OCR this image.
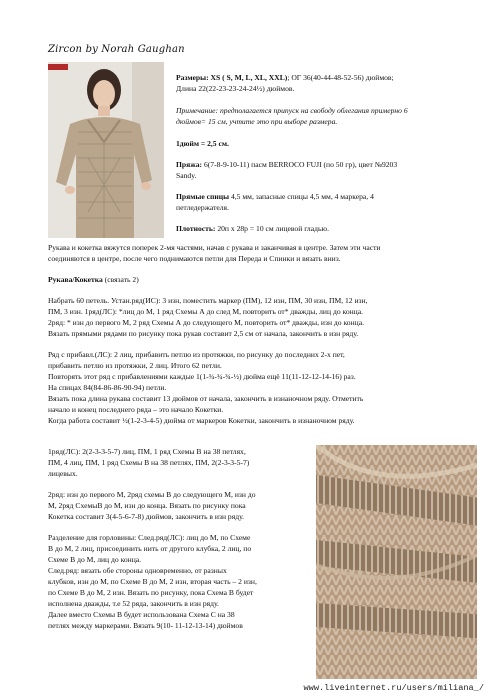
Zircon by Norah Gaughan
Размеры: XS ( S, M, L, XL, XXL); ОГ 36(40-44-48-52-56) дюймов;
Длина 22(22-23-23-24-24½) дюймов.
Примечание: предполагается припуск на свободу облегания примерно 6
дюймов= 15 см, учтите это при выборе размера.
1дюйм = 2,5 см.
Пряжа: 6(7-8-9-10-11) пасм BERROCO FUJI (по 50 гр), цвет №9203
Sandy.
Прямые спицы 4,5 мм, запасные спицы 4,5 мм, 4 маркера, 4
петледержателя.
Плотность: 20п х 28р = 10 см лицевой гладью.
Рукава и кокетка вяжутся поперек 2-мя частями, начав с рукава и заканчивая в центре. Затем эти части
соединяются в центре, после чего поднимаются петли для Переда и Спинки и вязать вниз.
Рукава/Кокетка (связать 2)
Набрать 60 петель. Устан.ряд(ИС): 3 изн, поместить маркер (ПМ), 12 изн, ПМ, 30 изн, ПМ, 12 изн,
ПМ, 3 изн. 1ряд(ЛС): *лиц до М, 1 ряд Схемы А до след М, повторить от* дважды, лиц до конца.
2ряд: * изн до первого М, 2 ряд Схемы А до следующего М, повторить от* дважды, изн до конца.
Вязать прямыми рядами по рисунку пока рукав составит 2,5 см от начала, закончить в изн ряду.
Ряд с прибавл.(ЛС): 2 лиц, прибавить петлю из протяжки, по рисунку до последних 2-х пет,
прибавить петлю из протяжки, 2 лиц. Итого 62 петли.
Повторять этот ряд с прибавлениями каждые 1(1-¾-¾-¾-½) дюйма ещё 11(11-12-12-14-16) раз.
На спицах 84(84-86-86-90-94) петли.
Вязать пока длина рукава составит 13 дюймов от начала, закончить в изнаночном ряду. Отметить
начало и конец последнего ряда – это начало Кокетки.
Когда работа составит ½(1-2-3-4-5) дюйма от маркеров Кокетки, закончить в изнаночном ряду.
1ряд(ЛС): 2(2-3-3-5-7) лиц, ПМ, 1 ряд Схемы В на 38 петлях,
ПМ, 4 лиц, ПМ, 1 ряд Схемы В на 38 петлях, ПМ, 2(2-3-3-5-7)
лицевых.
2ряд: изн до первого М, 2ряд схемы В до следующего М, изн до
М, 2ряд СхемыВ до М, изн до конца. Вязать по рисунку пока
Кокетка составит 3(4-5-6-7-8) дюймов, закончить в изн ряду.
Разделение для горловины: След.ряд(ЛС): лиц до М, по Схеме
В до М, 2 лиц, присоединить нить от другого клубка, 2 лиц, по
Схеме В до М, лиц до конца.
След.ряд: вязать обе стороны одновременно, от разных
клубков, изн до М, по Схеме В до М, 2 изн, вторая часть – 2 изн,
по Схеме В до М, 2 изн. Вязать по рисунку, пока Схема В будет
исполнена дважды, т.е 52 ряда, закончить в изн ряду.
Далее вместо Схемы В будет использована Схема С на 38
петлях между маркерами. Вязать 9(10- 11-12-13-14) дюймов
www.liveinternet.ru/users/miliana_/
